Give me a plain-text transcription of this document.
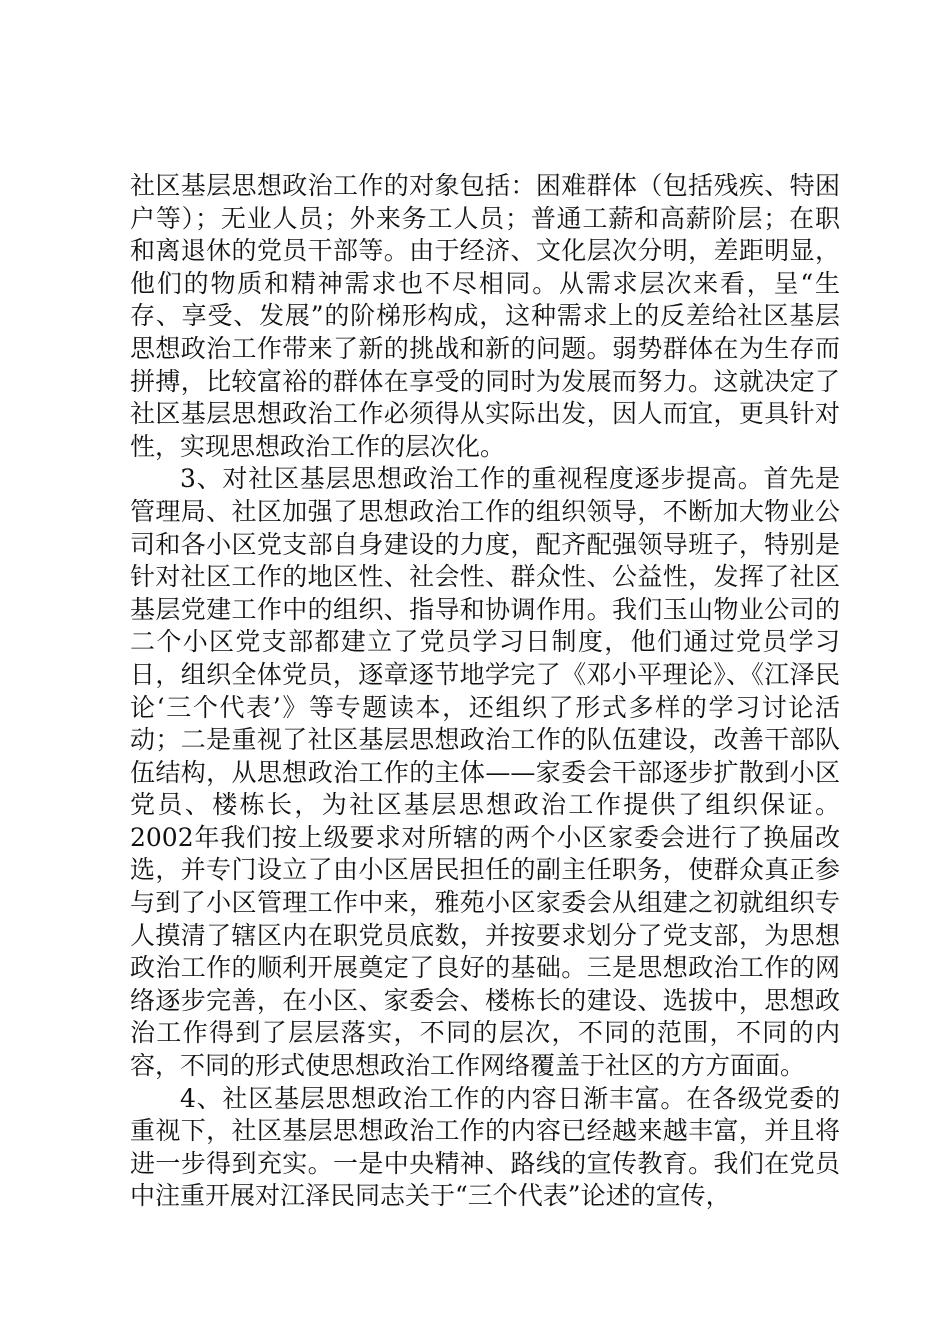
社区基层思想政治工作的对象包括：困难群体（包括残疾、特困户等）；无业人员；外来务工人员；普通工薪和高薪阶层；在职和离退休的党员干部等。由于经济、文化层次分明，差距明显，他们的物质和精神需求也不尽相同。从需求层次来看，呈“生存、享受、发展”的阶梯形构成，这种需求上的反差给社区基层思想政治工作带来了新的挑战和新的问题。弱势群体在为生存而拼搏，比较富裕的群体在享受的同时为发展而努力。这就决定了社区基层思想政治工作必须得从实际出发，因人而宜，更具针对性，实现思想政治工作的层次化。

3、对社区基层思想政治工作的重视程度逐步提高。首先是管理局、社区加强了思想政治工作的组织领导，不断加大物业公司和各小区党支部自身建设的力度，配齐配强领导班子，特别是针对社区工作的地区性、社会性、群众性、公益性，发挥了社区基层党建工作中的组织、指导和协调作用。我们玉山物业公司的二个小区党支部都建立了党员学习日制度，他们通过党员学习日，组织全体党员，逐章逐节地学完了《邓小平理论》、《江泽民论‘三个代表’》等专题读本，还组织了形式多样的学习讨论活动；二是重视了社区基层思想政治工作的队伍建设，改善干部队伍结构，从思想政治工作的主体——家委会干部逐步扩散到小区党员、楼栋长，为社区基层思想政治工作提供了组织保证。2002年我们按上级要求对所辖的两个小区家委会进行了换届改选，并专门设立了由小区居民担任的副主任职务，使群众真正参与到了小区管理工作中来，雅苑小区家委会从组建之初就组织专人摸清了辖区内在职党员底数，并按要求划分了党支部，为思想政治工作的顺利开展奠定了良好的基础。三是思想政治工作的网络逐步完善，在小区、家委会、楼栋长的建设、选拔中，思想政治工作得到了层层落实，不同的层次，不同的范围，不同的内容，不同的形式使思想政治工作网络覆盖于社区的方方面面。

4、社区基层思想政治工作的内容日渐丰富。在各级党委的重视下，社区基层思想政治工作的内容已经越来越丰富，并且将进一步得到充实。一是中央精神、路线的宣传教育。我们在党员中注重开展对江泽民同志关于“三个代表”论述的宣传，
